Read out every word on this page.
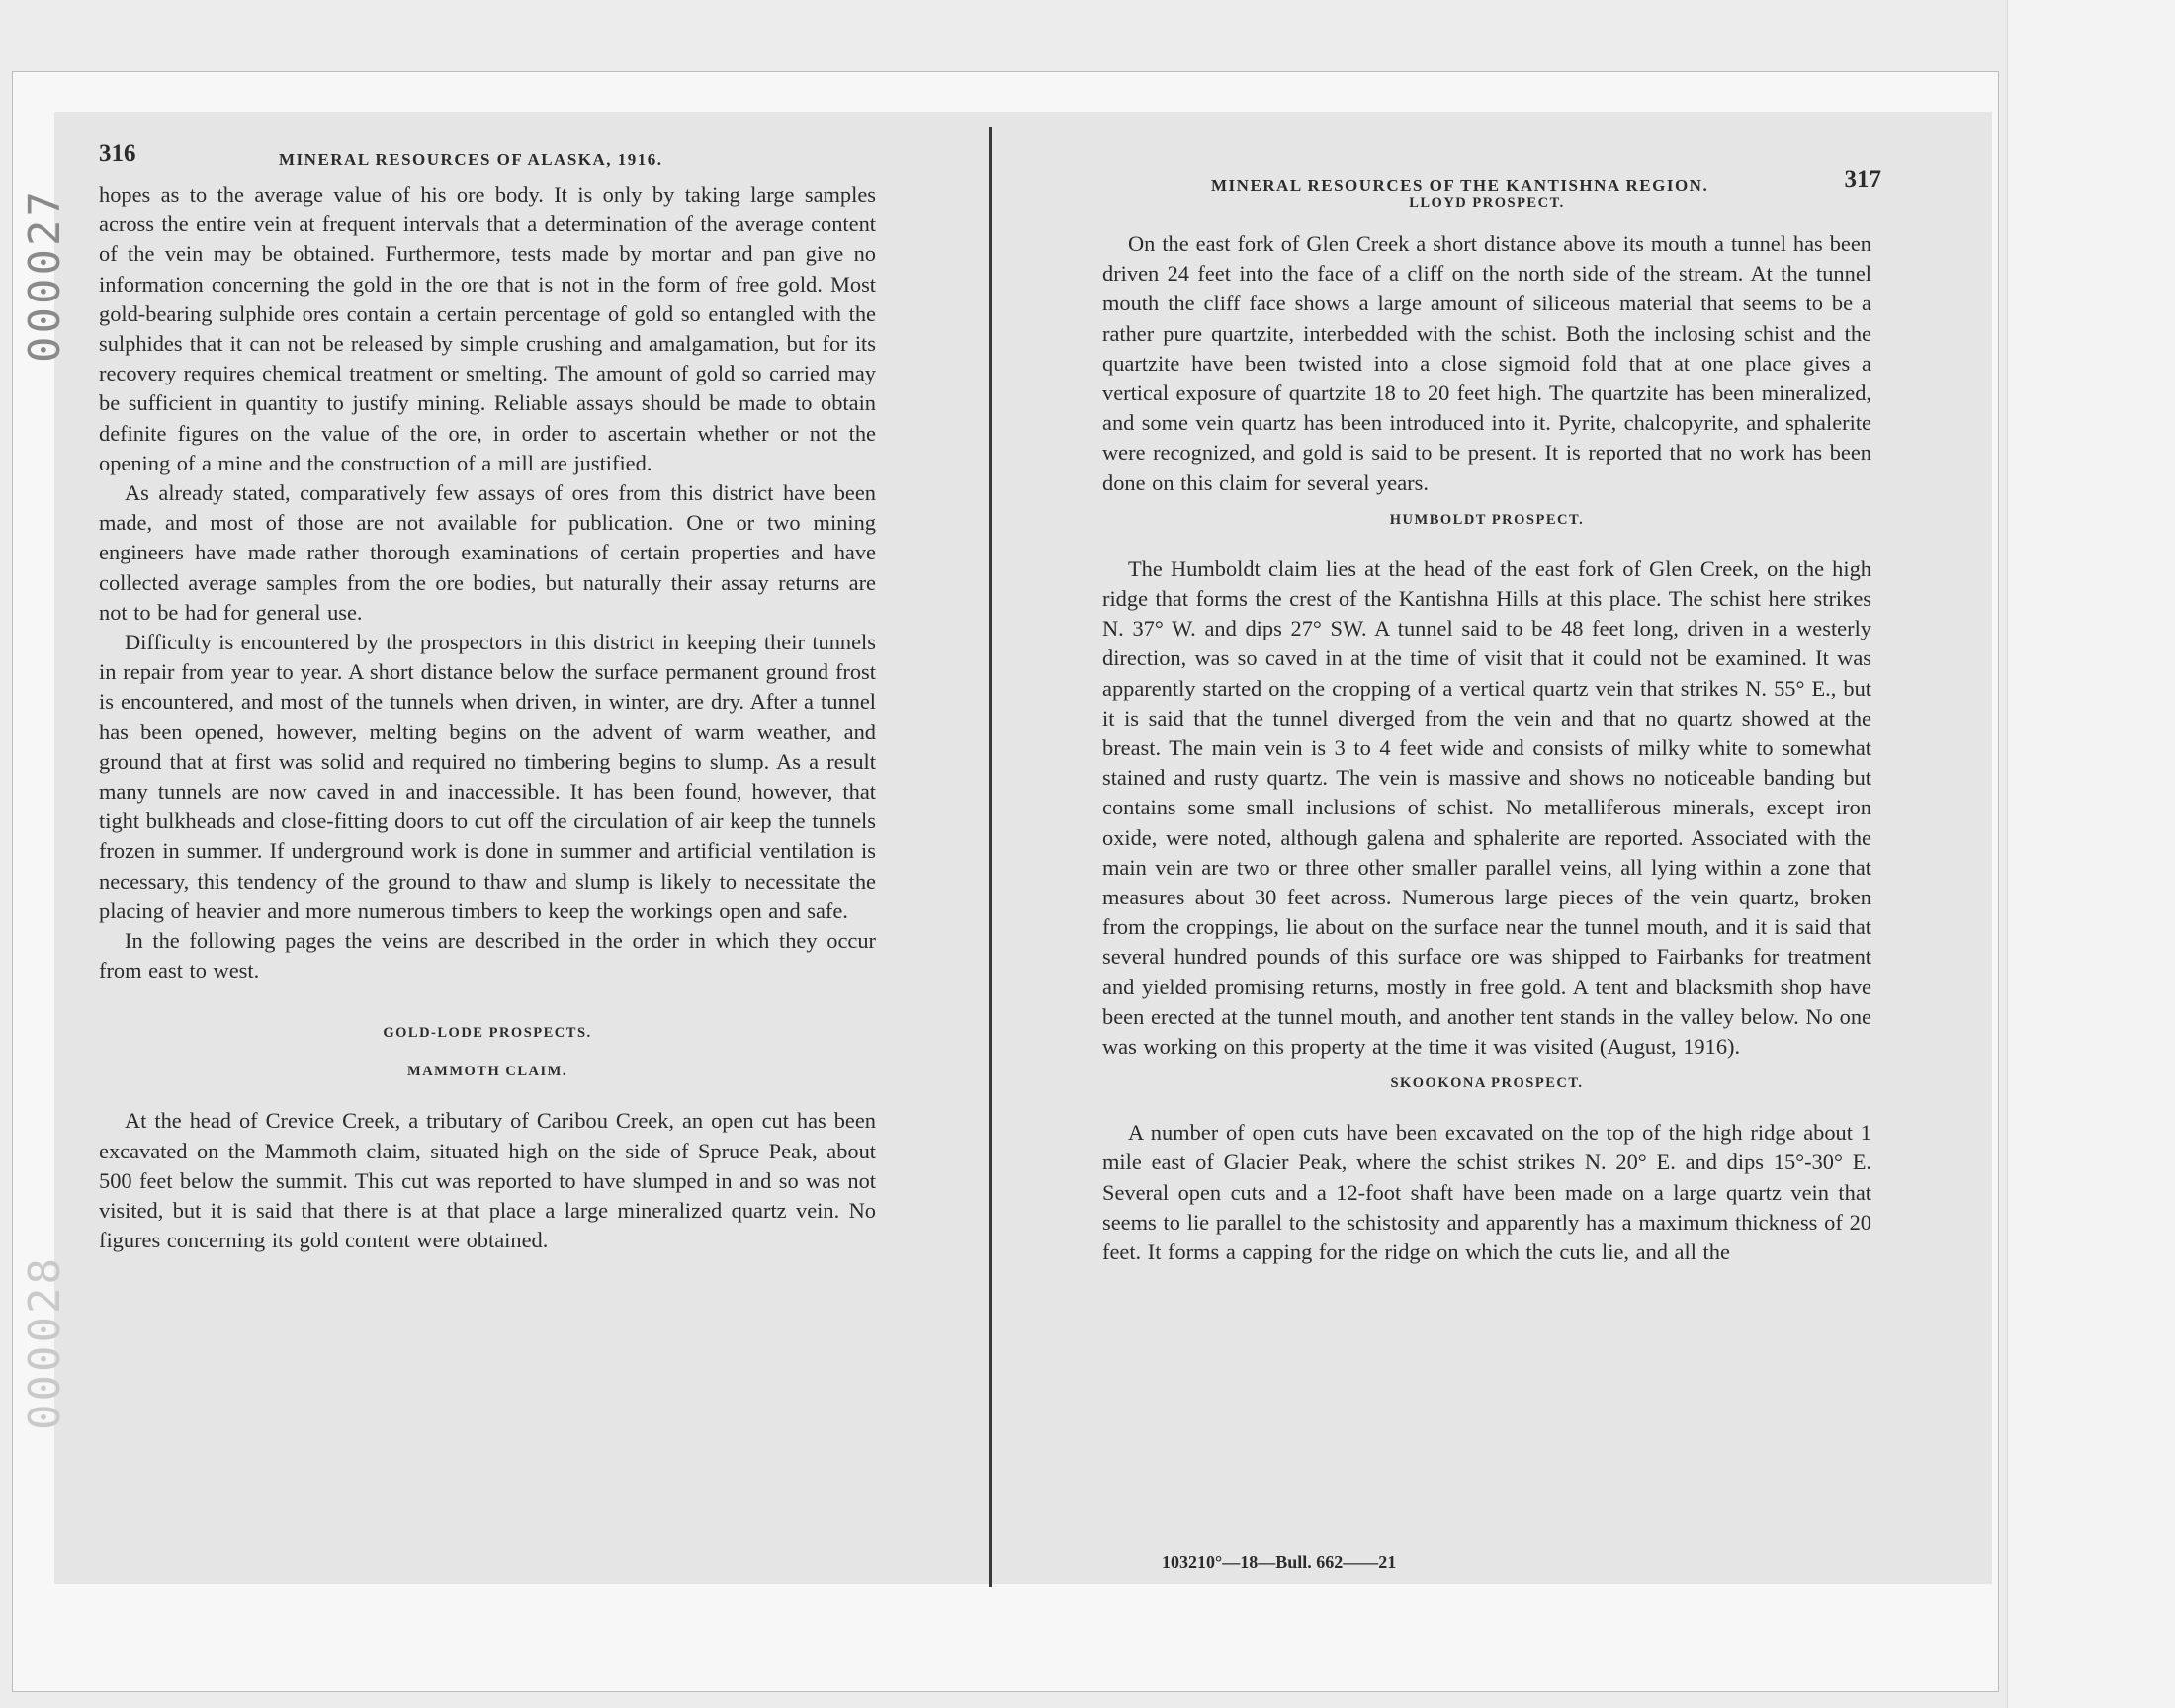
000027
000028
316	MINERAL RESOURCES OF ALASKA, 1916.

hopes as to the average value of his ore body. It is only by taking large samples across the entire vein at frequent intervals that a determination of the average content of the vein may be obtained. Furthermore, tests made by mortar and pan give no information concerning the gold in the ore that is not in the form of free gold. Most gold-bearing sulphide ores contain a certain percentage of gold so entangled with the sulphides that it can not be released by simple crushing and amalgamation, but for its recovery requires chemical treatment or smelting. The amount of gold so carried may be sufficient in quantity to justify mining. Reliable assays should be made to obtain definite figures on the value of the ore, in order to ascertain whether or not the opening of a mine and the construction of a mill are justified.

As already stated, comparatively few assays of ores from this district have been made, and most of those are not available for publication. One or two mining engineers have made rather thorough examinations of certain properties and have collected average samples from the ore bodies, but naturally their assay returns are not to be had for general use.

Difficulty is encountered by the prospectors in this district in keeping their tunnels in repair from year to year. A short distance below the surface permanent ground frost is encountered, and most of the tunnels when driven, in winter, are dry. After a tunnel has been opened, however, melting begins on the advent of warm weather, and ground that at first was solid and required no timbering begins to slump. As a result many tunnels are now caved in and inaccessible. It has been found, however, that tight bulkheads and close-fitting doors to cut off the circulation of air keep the tunnels frozen in summer. If underground work is done in summer and artificial ventilation is necessary, this tendency of the ground to thaw and slump is likely to necessitate the placing of heavier and more numerous timbers to keep the workings open and safe.

In the following pages the veins are described in the order in which they occur from east to west.

GOLD-LODE PROSPECTS.
MAMMOTH CLAIM.

At the head of Crevice Creek, a tributary of Caribou Creek, an open cut has been excavated on the Mammoth claim, situated high on the side of Spruce Peak, about 500 feet below the summit. This cut was reported to have slumped in and so was not visited, but it is said that there is at that place a large mineralized quartz vein. No figures concerning its gold content were obtained.

MINERAL RESOURCES OF THE KANTISHNA REGION.	317
LLOYD PROSPECT.

On the east fork of Glen Creek a short distance above its mouth a tunnel has been driven 24 feet into the face of a cliff on the north side of the stream. At the tunnel mouth the cliff face shows a large amount of siliceous material that seems to be a rather pure quartzite, interbedded with the schist. Both the inclosing schist and the quartzite have been twisted into a close sigmoid fold that at one place gives a vertical exposure of quartzite 18 to 20 feet high. The quartzite has been mineralized, and some vein quartz has been introduced into it. Pyrite, chalcopyrite, and sphalerite were recognized, and gold is said to be present. It is reported that no work has been done on this claim for several years.

HUMBOLDT PROSPECT.

The Humboldt claim lies at the head of the east fork of Glen Creek, on the high ridge that forms the crest of the Kantishna Hills at this place. The schist here strikes N. 37° W. and dips 27° SW. A tunnel said to be 48 feet long, driven in a westerly direction, was so caved in at the time of visit that it could not be examined. It was apparently started on the cropping of a vertical quartz vein that strikes N. 55° E., but it is said that the tunnel diverged from the vein and that no quartz showed at the breast. The main vein is 3 to 4 feet wide and consists of milky white to somewhat stained and rusty quartz. The vein is massive and shows no noticeable banding but contains some small inclusions of schist. No metalliferous minerals, except iron oxide, were noted, although galena and sphalerite are reported. Associated with the main vein are two or three other smaller parallel veins, all lying within a zone that measures about 30 feet across. Numerous large pieces of the vein quartz, broken from the croppings, lie about on the surface near the tunnel mouth, and it is said that several hundred pounds of this surface ore was shipped to Fairbanks for treatment and yielded promising returns, mostly in free gold. A tent and blacksmith shop have been erected at the tunnel mouth, and another tent stands in the valley below. No one was working on this property at the time it was visited (August, 1916).

SKOOKONA PROSPECT.

A number of open cuts have been excavated on the top of the high ridge about 1 mile east of Glacier Peak, where the schist strikes N. 20° E. and dips 15°-30° E. Several open cuts and a 12-foot shaft have been made on a large quartz vein that seems to lie parallel to the schistosity and apparently has a maximum thickness of 20 feet. It forms a capping for the ridge on which the cuts lie, and all the

103210°—18—Bull. 662——21
